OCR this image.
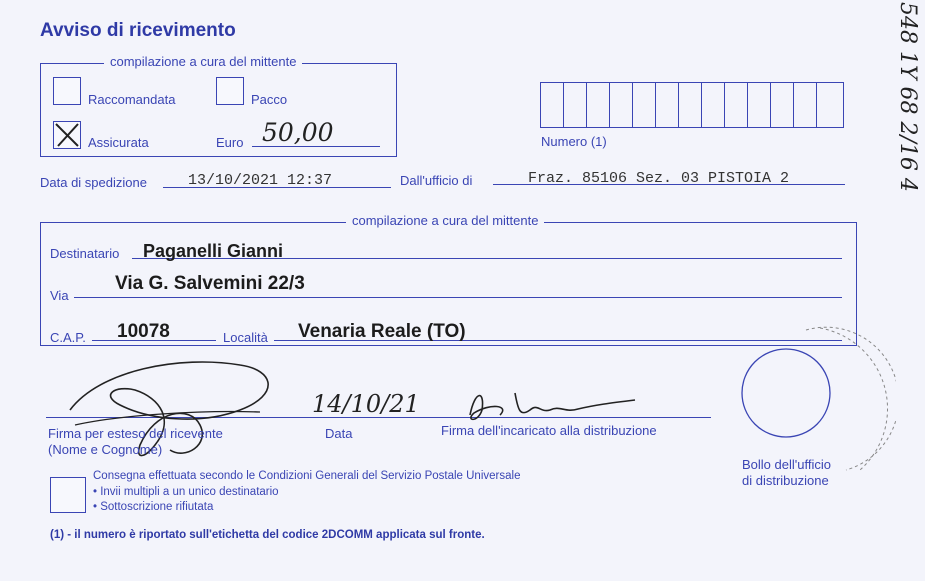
Avviso di ricevimento
compilazione a cura del mittente
Raccomandata	Pacco
Assicurata	Euro 50,00	Numero (1)
Data di spedizione	13/10/2021 12:37	Dall'ufficio di	Fraz. 85106 Sez. 03 PISTOIA 2
compilazione a cura del mittente
Destinatario Paganelli Gianni
Via
Via G. Salvemini 22/3
C.A.P. 10078	Località Venaria Reale (TO)
14/10/21
Firma per esteso del ricevente
(Nome e Cognome)
Data	Firma dell'incaricato alla distribuzione
Bollo dell'ufficio
di distribuzione
Consegna effettuata secondo le Condizioni Generali del Servizio Postale Universale
• Invii multipli a un unico destinatario
• Sottoscrizione rifiutata
(1) - il numero è riportato sull'etichetta del codice 2DCOMM applicata sul fronte.
548 1Y 68 2/16 4
